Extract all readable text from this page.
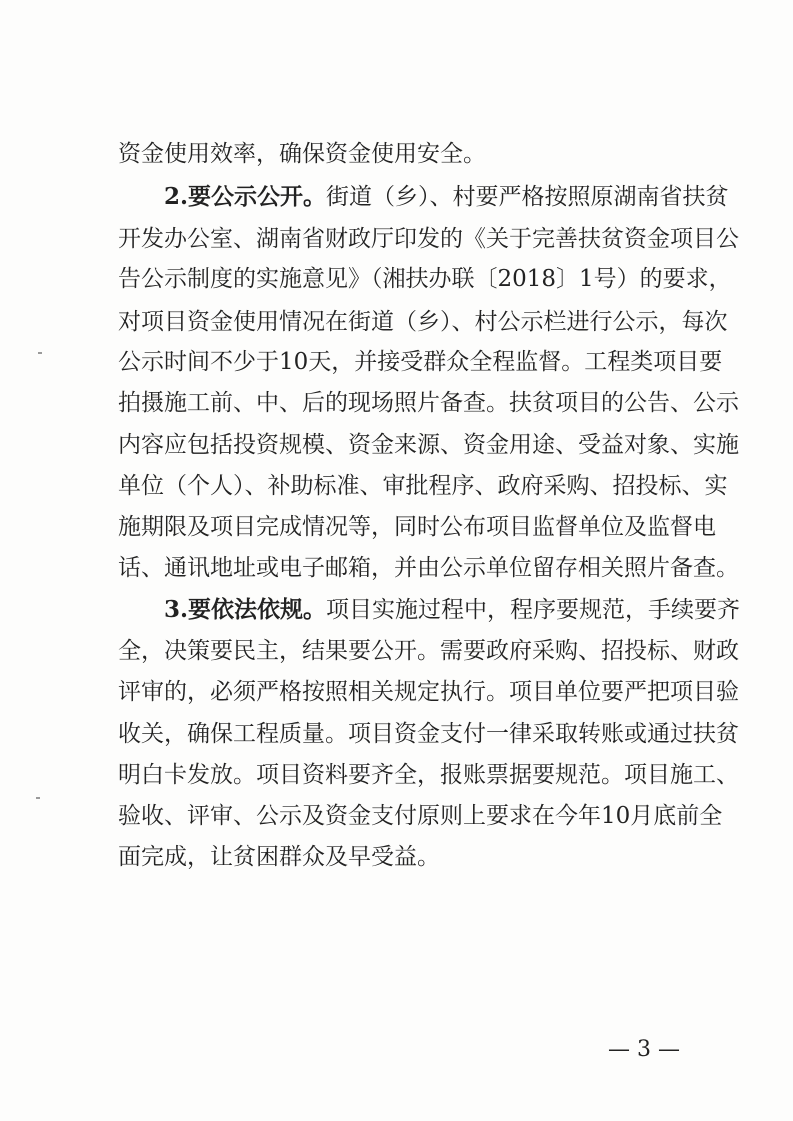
资金使用效率，确保资金使用安全。
2.要公示公开。街道（乡）、村要严格按照原湖南省扶贫
开发办公室、湖南省财政厅印发的《关于完善扶贫资金项目公
告公示制度的实施意见》（湘扶办联〔2018〕1号）的要求，
对项目资金使用情况在街道（乡）、村公示栏进行公示，每次
公示时间不少于10天，并接受群众全程监督。工程类项目要
拍摄施工前、中、后的现场照片备查。扶贫项目的公告、公示
内容应包括投资规模、资金来源、资金用途、受益对象、实施
单位（个人）、补助标准、审批程序、政府采购、招投标、实
施期限及项目完成情况等，同时公布项目监督单位及监督电
话、通讯地址或电子邮箱，并由公示单位留存相关照片备查。
3.要依法依规。项目实施过程中，程序要规范，手续要齐
全，决策要民主，结果要公开。需要政府采购、招投标、财政
评审的，必须严格按照相关规定执行。项目单位要严把项目验
收关，确保工程质量。项目资金支付一律采取转账或通过扶贫
明白卡发放。项目资料要齐全，报账票据要规范。项目施工、
验收、评审、公示及资金支付原则上要求在今年10月底前全
面完成，让贫困群众及早受益。
— 3 —
